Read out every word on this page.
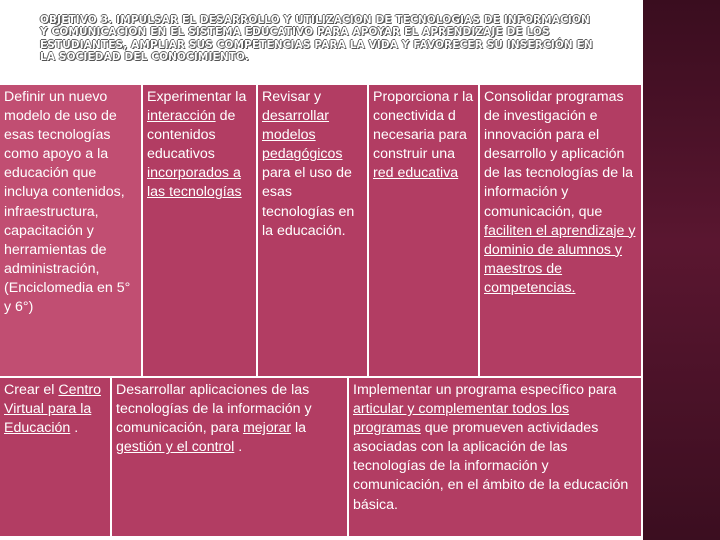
OBJETIVO 3. IMPULSAR EL DESARROLLO Y UTILIZACION DE TECNOLOGIAS DE INFORMACION Y COMUNICACION EN EL SISTEMA EDUCATIVO PARA APOYAR EL APRENDIZAJE DE LOS ESTUDIANTES, AMPLIAR SUS COMPETENCIAS PARA LA VIDA Y FAVORECER SU INSERCIÓN EN LA SOCIEDAD DEL CONOCIMIENTO.
Definir un nuevo modelo de uso de esas tecnologías como apoyo a la educación que incluya contenidos, infraestructura, capacitación y herramientas de administración, (Enciclomedia en 5° y 6°)
Experimentar la interacción de contenidos educativos incorporados a las tecnologías
Revisar y desarrollar modelos pedagógicos para el uso de esas tecnologías en la educación.
Proporciona r la conectivida d necesaria para construir una red educativa
Consolidar programas de investigación e innovación para el desarrollo y aplicación de las tecnologías de la información y comunicación, que faciliten el aprendizaje y dominio de alumnos y maestros de competencias.
Crear el Centro Virtual para la Educación .
Desarrollar aplicaciones de las tecnologías de la información y comunicación, para mejorar la gestión y el control .
Implementar un programa específico para articular y complementar todos los programas que promueven actividades asociadas con la aplicación de las tecnologías de la información y comunicación, en el ámbito de la educación básica.
